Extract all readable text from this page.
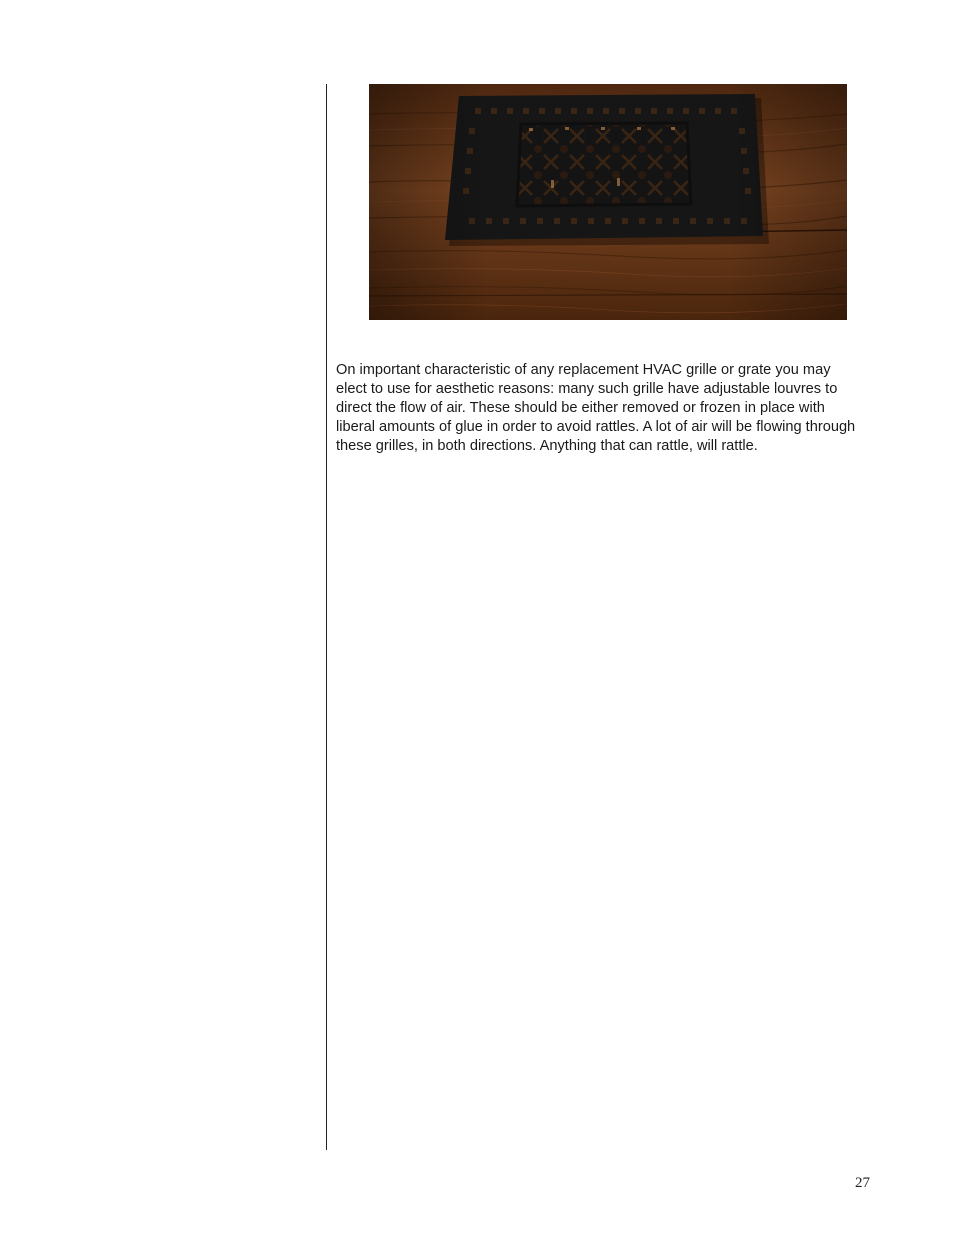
On important characteristic of any replacement HVAC grille or grate you may elect to use for aesthetic reasons: many such grille have adjustable louvres to direct the flow of air. These should be either removed or frozen in place with liberal amounts of glue in order to avoid rattles. A lot of air will be flowing through these grilles, in both directions. Anything that can rattle, will rattle.

27
